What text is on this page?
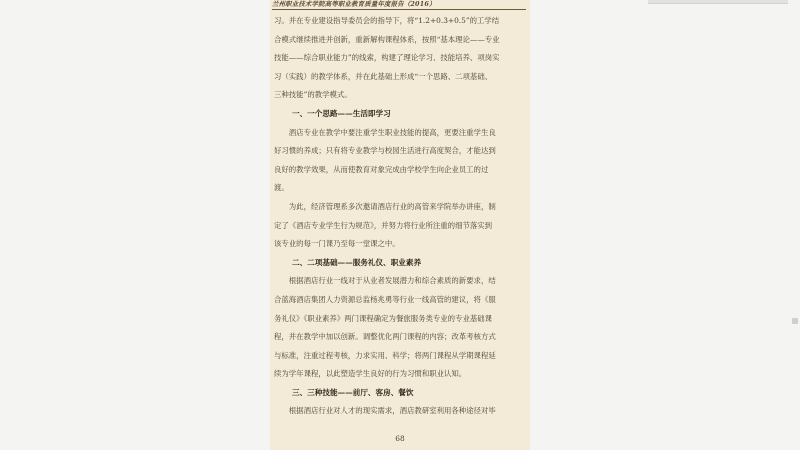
兰州职业技术学院高等职业教育质量年度报告（2016）

习。并在专业建设指导委员会的指导下，将“1.2+0.3+0.5”的工学结
合模式继续推进并创新，重新解构课程体系，按照“基本理论——专业
技能——综合职业能力”的线索，构建了理论学习、技能培养、项岗实
习（实践）的教学体系，并在此基础上形成“一个思路、二项基础、
三种技能”的教学模式。

一、一个思路——生活即学习

　　酒店专业在教学中要注重学生职业技能的提高，更要注重学生良
好习惯的养成；只有将专业教学与校园生活进行高度契合，才能达到
良好的教学效果，从而使教育对象完成由学校学生向企业员工的过
渡。

　　为此，经济管理系多次邀请酒店行业的高管来学院举办讲座，制
定了《酒店专业学生行为规范》，并努力将行业所注重的细节落实到
该专业的每一门课乃至每一堂课之中。

二、二项基础——服务礼仪、职业素养

　　根据酒店行业一线对于从业者发展潜力和综合素质的新要求，结
合蓝海酒店集团人力资源总监杨兆勇等行业一线高管的建议，将《服
务礼仪》《职业素养》两门课程确定为餐旅服务类专业的专业基础课
程，并在教学中加以创新。调整优化两门课程的内容；改革考核方式
与标准，注重过程考核，力求实用、科学；将两门课程从学期课程延
续为学年课程，以此塑造学生良好的行为习惯和职业认知。

三、三种技能——前厅、客房、餐饮

　　根据酒店行业对人才的现实需求，酒店教研室利用各种途径对毕

68
